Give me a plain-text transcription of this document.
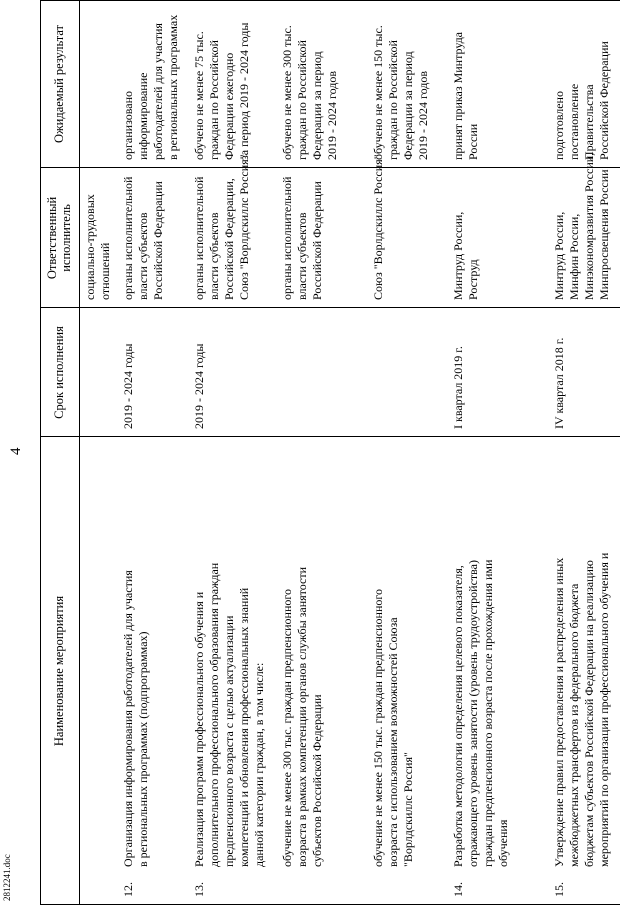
2812241.doc
4
Наименование мероприятия
Срок исполнения
Ответственный исполнитель
Ожидаемый результат
социально-трудовых
отношений
12.
Организация информирования работодателей для участия
в региональных программах (подпрограммах)
2019 - 2024 годы
органы исполнительной
власти субъектов
Российской Федерации
организовано
информирование
работодателей для участия
в региональных программах
13.
Реализация программ профессионального обучения и
дополнительного профессионального образования граждан
предпенсионного возраста с целью актуализации
компетенций и обновления профессиональных знаний
данной категории граждан, в том числе:
2019 - 2024 годы
органы исполнительной
власти субъектов
Российской Федерации,
Союз "Ворлдскиллс Россия"
обучено не менее 75 тыс.
граждан по Российской
Федерации ежегодно
за период 2019 - 2024 годы
обучение не менее 300 тыс. граждан предпенсионного
возраста в рамках компетенции органов службы занятости
субъектов Российской Федерации
органы исполнительной
власти субъектов
Российской Федерации
обучено не менее 300 тыс.
граждан по Российской
Федерации за период
2019 - 2024 годов
обучение не менее 150 тыс. граждан предпенсионного
возраста с использованием возможностей Союза
"Ворлдскиллс Россия"
Союз "Ворлдскиллс Россия"
обучено не менее 150 тыс.
граждан по Российской
Федерации за период
2019 - 2024 годов
14.
Разработка методологии определения целевого показателя,
отражающего уровень занятости (уровень трудоустройства)
граждан предпенсионного возраста после прохождения ими
обучения
I квартал 2019 г.
Минтруд России,
Роструд
принят приказ Минтруда
России
15.
Утверждение правил предоставления и распределения иных
межбюджетных трансфертов из федерального бюджета
бюджетам субъектов Российской Федерации на реализацию
мероприятий по организации профессионального обучения и
IV квартал 2018 г.
Минтруд России,
Минфин России,
Минэкономразвития России,
Минпросвещения России
подготовлено
постановление
Правительства
Российской Федерации
